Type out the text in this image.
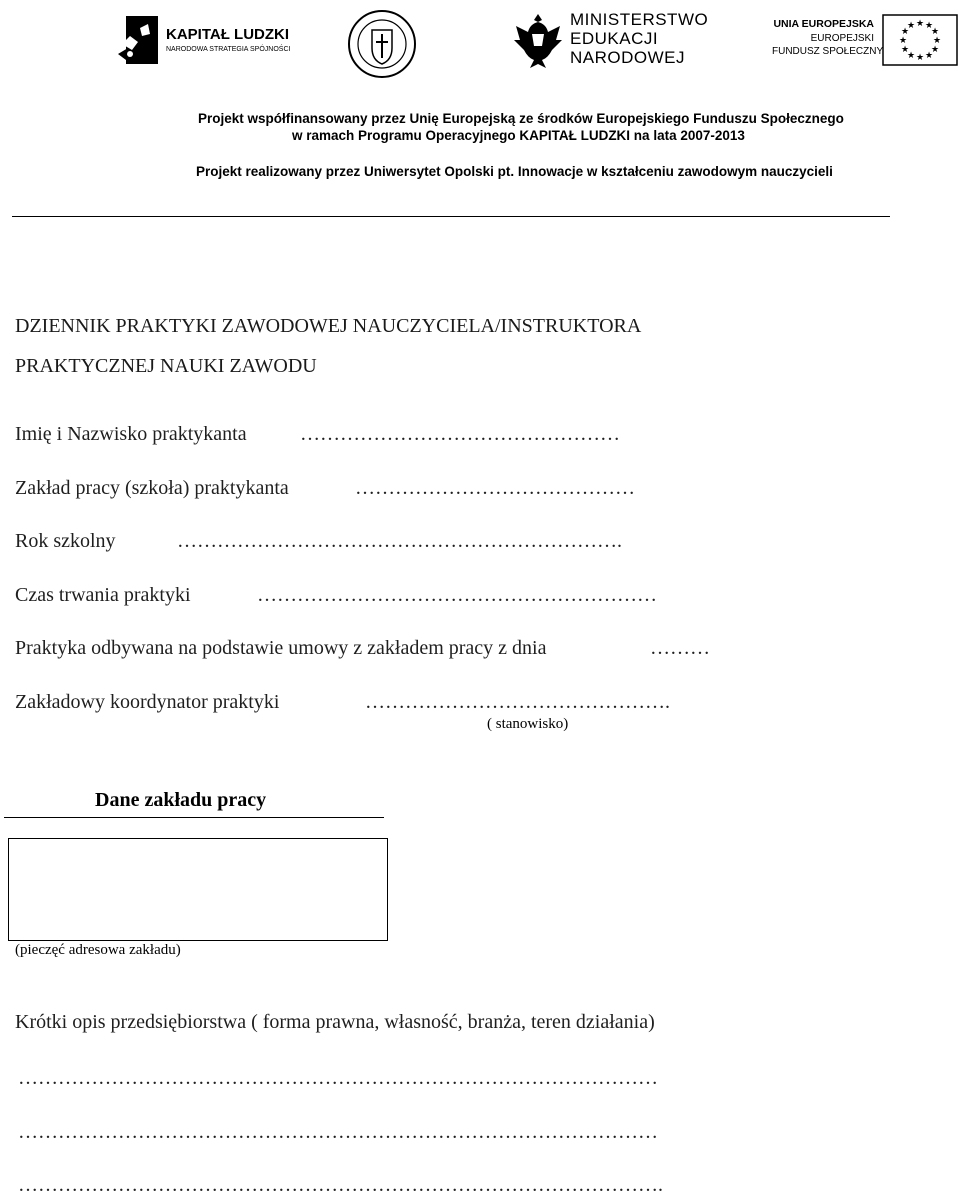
KAPITAŁ LUDZKI
NARODOWA STRATEGIA SPÓJNOŚCI
MINISTERSTWO
EDUKACJI
NARODOWEJ
UNIA EUROPEJSKA
EUROPEJSKI
FUNDUSZ SPOŁECZNY
★ ★
★
★
★
★
★
★
★
★
★
★
Projekt współfinansowany przez Unię Europejską ze środków Europejskiego Funduszu Społecznego
w ramach Programu Operacyjnego KAPITAŁ LUDZKI na lata 2007-2013
Projekt realizowany przez Uniwersytet Opolski pt. Innowacje w kształceniu zawodowym nauczycieli
DZIENNIK PRAKTYKI ZAWODOWEJ NAUCZYCIELA/INSTRUKTORA
PRAKTYCZNEJ NAUKI ZAWODU
Imię i Nazwisko praktykanta	…………………………………………
Zakład pracy (szkoła) praktykanta	……………………………………
Rok szkolny	………………………………………………………….
Czas trwania praktyki	……………………………………………………
Praktyka odbywana na podstawie umowy z zakładem pracy z dnia	………
Zakładowy koordynator praktyki	……………………………………….
( stanowisko)
Dane zakładu pracy
(pieczęć adresowa zakładu)
Krótki opis przedsiębiorstwa ( forma prawna, własność, branża, teren działania)
……………………………………………………………………………………
……………………………………………………………………………………
…………………………………………………………………………………….
